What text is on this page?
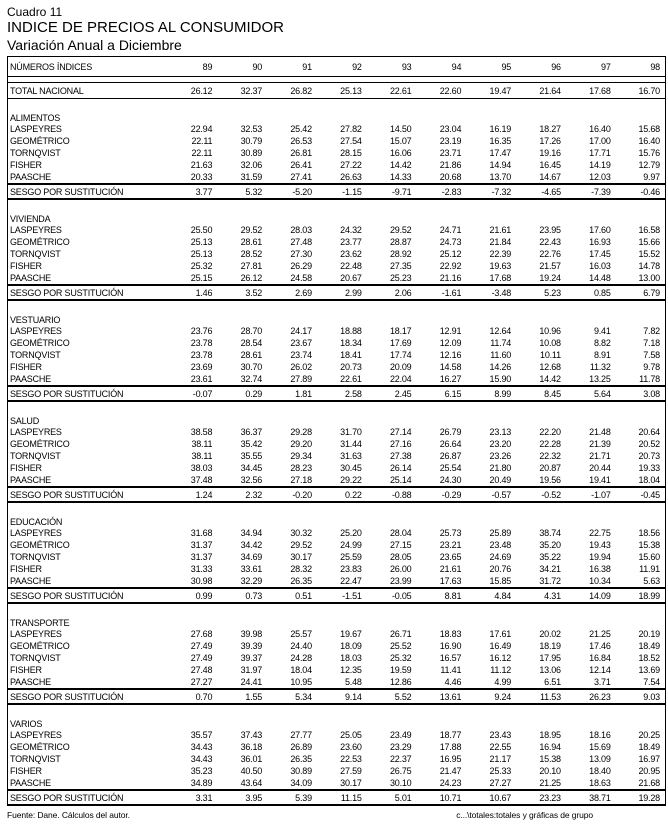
Cuadro 11
INDICE DE PRECIOS AL CONSUMIDOR
Variación Anual a Diciembre
NÚMEROS ÍNDICES	89	90	91	92	93	94	95	96	97	98

TOTAL NACIONAL	26.12	32.37	26.82	25.13	22.61	22.60	19.47	21.64	17.68	16.70

ALIMENTOS										
LASPEYRES	22.94	32.53	25.42	27.82	14.50	23.04	16.19	18.27	16.40	15.68
GEOMÉTRICO	22.11	30.79	26.53	27.54	15.07	23.19	16.35	17.26	17.00	16.40
TORNQVIST	22.11	30.89	26.81	28.15	16.06	23.71	17.47	19.16	17.71	15.76
FISHER	21.63	32.06	26.41	27.22	14.42	21.86	14.94	16.45	14.19	12.79
PAASCHE	20.33	31.59	27.41	26.63	14.33	20.68	13.70	14.67	12.03	9.97
SESGO POR SUSTITUCIÓN	3.77	5.32	-5.20	-1.15	-9.71	-2.83	-7.32	-4.65	-7.39	-0.46

VIVIENDA										
LASPEYRES	25.50	29.52	28.03	24.32	29.52	24.71	21.61	23.95	17.60	16.58
GEOMÉTRICO	25.13	28.61	27.48	23.77	28.87	24.73	21.84	22.43	16.93	15.66
TORNQVIST	25.13	28.52	27.30	23.62	28.92	25.12	22.39	22.76	17.45	15.52
FISHER	25.32	27.81	26.29	22.48	27.35	22.92	19.63	21.57	16.03	14.78
PAASCHE	25.15	26.12	24.58	20.67	25.23	21.16	17.68	19.24	14.48	13.00
SESGO POR SUSTITUCIÓN	1.46	3.52	2.69	2.99	2.06	-1.61	-3.48	5.23	0.85	6.79

VESTUARIO										
LASPEYRES	23.76	28.70	24.17	18.88	18.17	12.91	12.64	10.96	9.41	7.82
GEOMÉTRICO	23.78	28.54	23.67	18.34	17.69	12.09	11.74	10.08	8.82	7.18
TORNQVIST	23.78	28.61	23.74	18.41	17.74	12.16	11.60	10.11	8.91	7.58
FISHER	23.69	30.70	26.02	20.73	20.09	14.58	14.26	12.68	11.32	9.78
PAASCHE	23.61	32.74	27.89	22.61	22.04	16.27	15.90	14.42	13.25	11.78
SESGO POR SUSTITUCIÓN	-0.07	0.29	1.81	2.58	2.45	6.15	8.99	8.45	5.64	3.08

SALUD										
LASPEYRES	38.58	36.37	29.28	31.70	27.14	26.79	23.13	22.20	21.48	20.64
GEOMÉTRICO	38.11	35.42	29.20	31.44	27.16	26.64	23.20	22.28	21.39	20.52
TORNQVIST	38.11	35.55	29.34	31.63	27.38	26.87	23.26	22.32	21.71	20.73
FISHER	38.03	34.45	28.23	30.45	26.14	25.54	21.80	20.87	20.44	19.33
PAASCHE	37.48	32.56	27.18	29.22	25.14	24.30	20.49	19.56	19.41	18.04
SESGO POR SUSTITUCIÓN	1.24	2.32	-0.20	0.22	-0.88	-0.29	-0.57	-0.52	-1.07	-0.45

EDUCACIÓN										
LASPEYRES	31.68	34.94	30.32	25.20	28.04	25.73	25.89	38.74	22.75	18.56
GEOMÉTRICO	31.37	34.42	29.52	24.99	27.15	23.21	23.48	35.20	19.43	15.38
TORNQVIST	31.37	34.69	30.17	25.59	28.05	23.65	24.69	35.22	19.94	15.60
FISHER	31.33	33.61	28.32	23.83	26.00	21.61	20.76	34.21	16.38	11.91
PAASCHE	30.98	32.29	26.35	22.47	23.99	17.63	15.85	31.72	10.34	5.63
SESGO POR SUSTITUCIÓN	0.99	0.73	0.51	-1.51	-0.05	8.81	4.84	4.31	14.09	18.99

TRANSPORTE										
LASPEYRES	27.68	39.98	25.57	19.67	26.71	18.83	17.61	20.02	21.25	20.19
GEOMÉTRICO	27.49	39.39	24.40	18.09	25.52	16.90	16.49	18.19	17.46	18.49
TORNQVIST	27.49	39.37	24.28	18.03	25.32	16.57	16.12	17.95	16.84	18.52
FISHER	27.48	31.97	18.04	12.35	19.59	11.41	11.12	13.06	12.14	13.69
PAASCHE	27.27	24.41	10.95	5.48	12.86	4.46	4.99	6.51	3.71	7.54
SESGO POR SUSTITUCIÓN	0.70	1.55	5.34	9.14	5.52	13.61	9.24	11.53	26.23	9.03

VARIOS										
LASPEYRES	35.57	37.43	27.77	25.05	23.49	18.77	23.43	18.95	18.16	20.25
GEOMÉTRICO	34.43	36.18	26.89	23.60	23.29	17.88	22.55	16.94	15.69	18.49
TORNQVIST	34.43	36.01	26.35	22.53	22.37	16.95	21.17	15.38	13.09	16.97
FISHER	35.23	40.50	30.89	27.59	26.75	21.47	25.33	20.10	18.40	20.95
PAASCHE	34.89	43.64	34.09	30.17	30.10	24.23	27.27	21.25	18.63	21.68
SESGO POR SUSTITUCIÓN	3.31	3.95	5.39	11.15	5.01	10.71	10.67	23.23	38.71	19.28
Fuente: Dane. Cálculos del autor.	c...\totales:totales y gráficas de grupo
